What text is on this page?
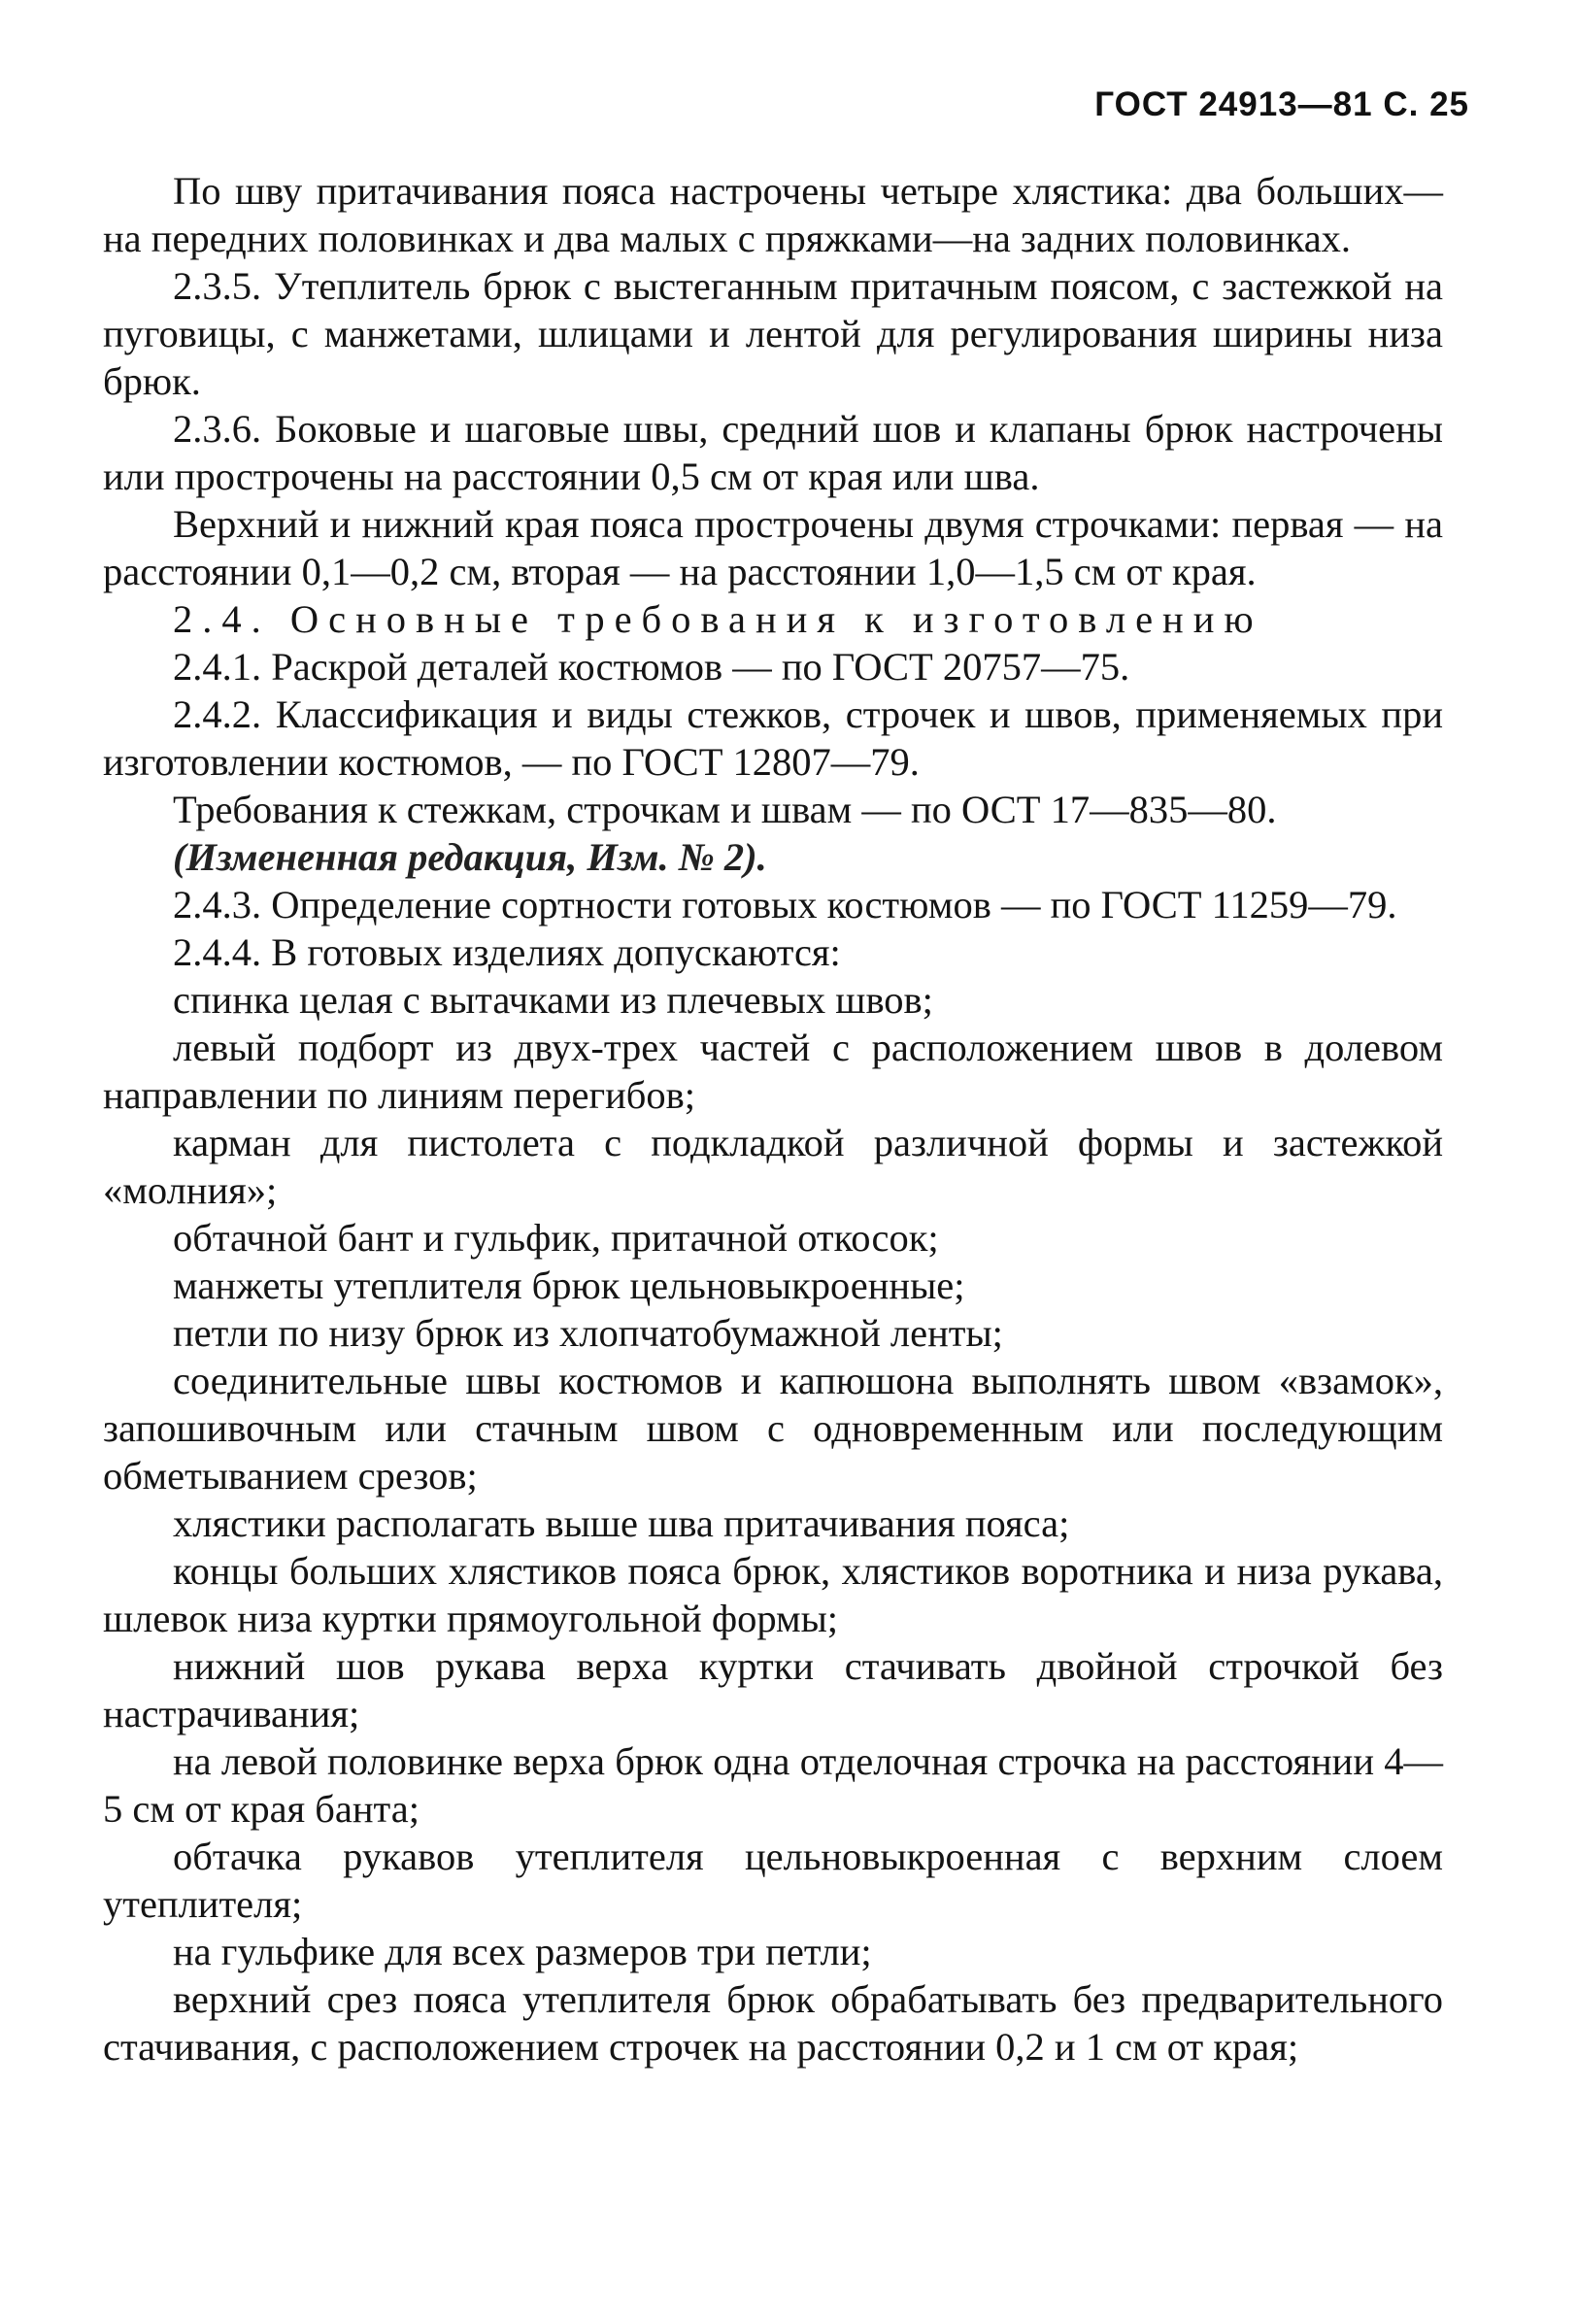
ГОСТ 24913—81 С. 25

По шву притачивания пояса настрочены четыре хлястика: два больших—на передних половинках и два малых с пряжками—на задних половинках.

2.3.5. Утеплитель брюк с выстеганным притачным поясом, с застежкой на пуговицы, с манжетами, шлицами и лентой для регулирования ширины низа брюк.

2.3.6. Боковые и шаговые швы, средний шов и клапаны брюк настрочены или прострочены на расстоянии 0,5 см от края или шва.

Верхний и нижний края пояса прострочены двумя строчками: первая — на расстоянии 0,1—0,2 см, вторая — на расстоянии 1,0—1,5 см от края.

2.4. Основные требования к изготовлению

2.4.1. Раскрой деталей костюмов — по ГОСТ 20757—75.

2.4.2. Классификация и виды стежков, строчек и швов, применяемых при изготовлении костюмов, — по ГОСТ 12807—79.

Требования к стежкам, строчкам и швам — по ОСТ 17—835—80.

(Измененная редакция, Изм. № 2).

2.4.3. Определение сортности готовых костюмов — по ГОСТ 11259—79.

2.4.4. В готовых изделиях допускаются:

спинка целая с вытачками из плечевых швов;

левый подборт из двух-трех частей с расположением швов в долевом направлении по линиям перегибов;

карман для пистолета с подкладкой различной формы и застежкой «молния»;

обтачной бант и гульфик, притачной откосок;

манжеты утеплителя брюк цельновыкроенные;

петли по низу брюк из хлопчатобумажной ленты;

соединительные швы костюмов и капюшона выполнять швом «взамок», запошивочным или стачным швом с одновременным или последующим обметыванием срезов;

хлястики располагать выше шва притачивания пояса;

концы больших хлястиков пояса брюк, хлястиков воротника и низа рукава, шлевок низа куртки прямоугольной формы;

нижний шов рукава верха куртки стачивать двойной строчкой без настрачивания;

на левой половинке верха брюк одна отделочная строчка на расстоянии 4—5 см от края банта;

обтачка рукавов утеплителя цельновыкроенная с верхним слоем утеплителя;

на гульфике для всех размеров три петли;

верхний срез пояса утеплителя брюк обрабатывать без предварительного стачивания, с расположением строчек на расстоянии 0,2 и 1 см от края;
